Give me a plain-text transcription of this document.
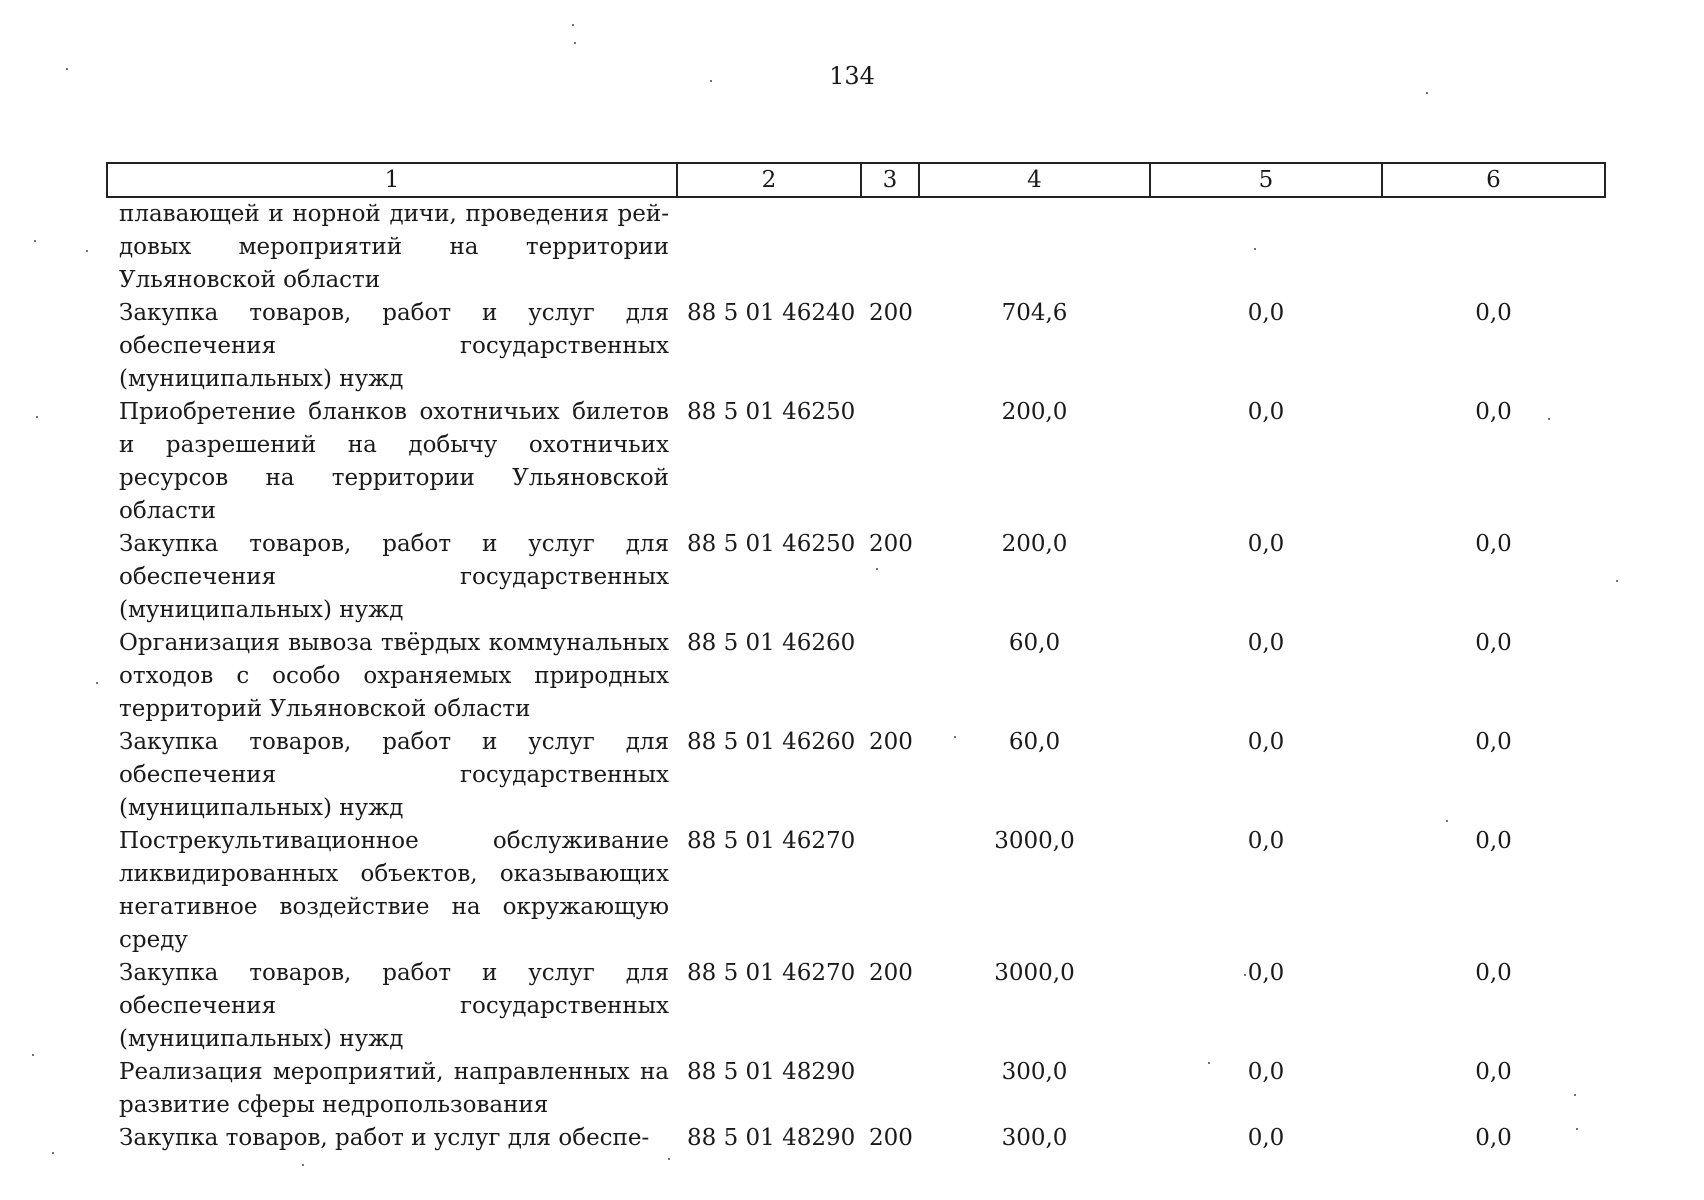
134
1	2	3	4	5	6
плавающей и норной дичи, проведения рей-довых мероприятий на территории Ульяновской области					
Закупка товаров, работ и услуг для обеспечения государственных (муниципальных) нужд	88 5 01 46240	200	704,6	0,0	0,0
Приобретение бланков охотничьих билетов и разрешений на добычу охотничьих ресурсов на территории Ульяновской области	88 5 01 46250		200,0	0,0	0,0
Закупка товаров, работ и услуг для обеспечения государственных (муниципальных) нужд	88 5 01 46250	200	200,0	0,0	0,0
Организация вывоза твёрдых коммунальных отходов с особо охраняемых природных территорий Ульяновской области	88 5 01 46260		60,0	0,0	0,0
Закупка товаров, работ и услуг для обеспечения государственных (муниципальных) нужд	88 5 01 46260	200	60,0	0,0	0,0
Пострекультивационное обслуживание ликвидированных объектов, оказывающих негативное воздействие на окружающую среду	88 5 01 46270		3000,0	0,0	0,0
Закупка товаров, работ и услуг для обеспечения государственных (муниципальных) нужд	88 5 01 46270	200	3000,0	0,0	0,0
Реализация мероприятий, направленных на развитие сферы недропользования	88 5 01 48290		300,0	0,0	0,0
Закупка товаров, работ и услуг для обеспе-	88 5 01 48290	200	300,0	0,0	0,0
